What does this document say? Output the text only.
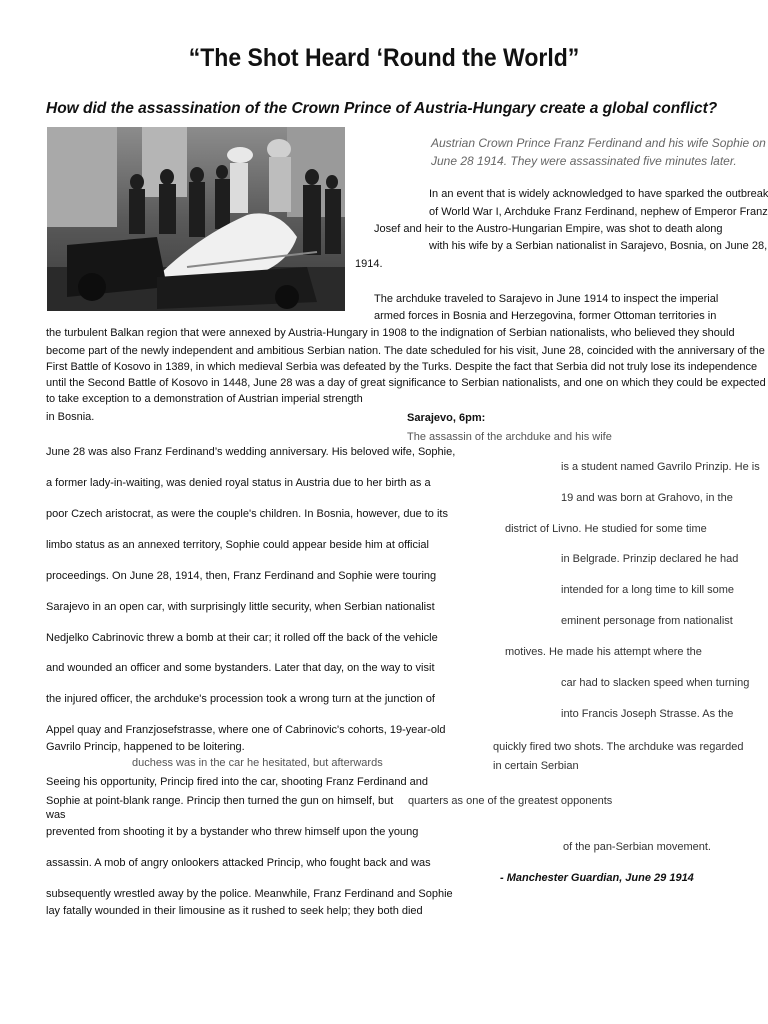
“The Shot Heard ‘Round the World”
How did the assassination of the Crown Prince of Austria-Hungary create a global conflict?
Austrian Crown Prince Franz Ferdinand and his wife Sophie on
June 28 1914. They were assassinated five minutes later.
In an event that is widely acknowledged to have sparked the outbreak
of World War I, Archduke Franz Ferdinand, nephew of Emperor Franz
Josef and heir to the Austro-Hungarian Empire, was shot to death along
with his wife by a Serbian nationalist in Sarajevo, Bosnia, on June 28,
1914.
The archduke traveled to Sarajevo in June 1914 to inspect the imperial
armed forces in Bosnia and Herzegovina, former Ottoman territories in
the turbulent Balkan region that were annexed by Austria-Hungary in 1908 to the indignation of Serbian nationalists, who believed they should
become part of the newly independent and ambitious Serbian nation. The date scheduled for his visit, June 28, coincided with the anniversary of the
First Battle of Kosovo in 1389, in which medieval Serbia was defeated by the Turks. Despite the fact that Serbia did not truly lose its independence
until the Second Battle of Kosovo in 1448, June 28 was a day of great significance to Serbian nationalists, and one on which they could be expected
to take exception to a demonstration of Austrian imperial strength
in Bosnia.
June 28 was also Franz Ferdinand’s wedding anniversary. His beloved wife, Sophie,
a former lady-in-waiting, was denied royal status in Austria due to her birth as a
poor Czech aristocrat, as were the couple's children. In Bosnia, however, due to its
limbo status as an annexed territory, Sophie could appear beside him at official
proceedings. On June 28, 1914, then, Franz Ferdinand and Sophie were touring
Sarajevo in an open car, with surprisingly little security, when Serbian nationalist
Nedjelko Cabrinovic threw a bomb at their car; it rolled off the back of the vehicle
and wounded an officer and some bystanders. Later that day, on the way to visit
the injured officer, the archduke's procession took a wrong turn at the junction of
Appel quay and Franzjosefstrasse, where one of Cabrinovic's cohorts, 19-year-old
Gavrilo Princip, happened to be loitering.
duchess was in the car he hesitated, but afterwards
Seeing his opportunity, Princip fired into the car, shooting Franz Ferdinand and
Sophie at point-blank range. Princip then turned the gun on himself, but
was
prevented from shooting it by a bystander who threw himself upon the young
assassin. A mob of angry onlookers attacked Princip, who fought back and was
subsequently wrestled away by the police. Meanwhile, Franz Ferdinand and Sophie
lay fatally wounded in their limousine as it rushed to seek help; they both died
Sarajevo, 6pm:
The assassin of the archduke and his wife
is a student named Gavrilo Prinzip. He is
19 and was born at Grahovo, in the
district of Livno. He studied for some time
in Belgrade. Prinzip declared he had
intended for a long time to kill some
eminent personage from nationalist
motives. He made his attempt where the
car had to slacken speed when turning
into Francis Joseph Strasse. As the
quickly fired two shots. The archduke was regarded
in certain Serbian
quarters as one of the greatest opponents
of the pan-Serbian movement.
- Manchester Guardian, June 29 1914
